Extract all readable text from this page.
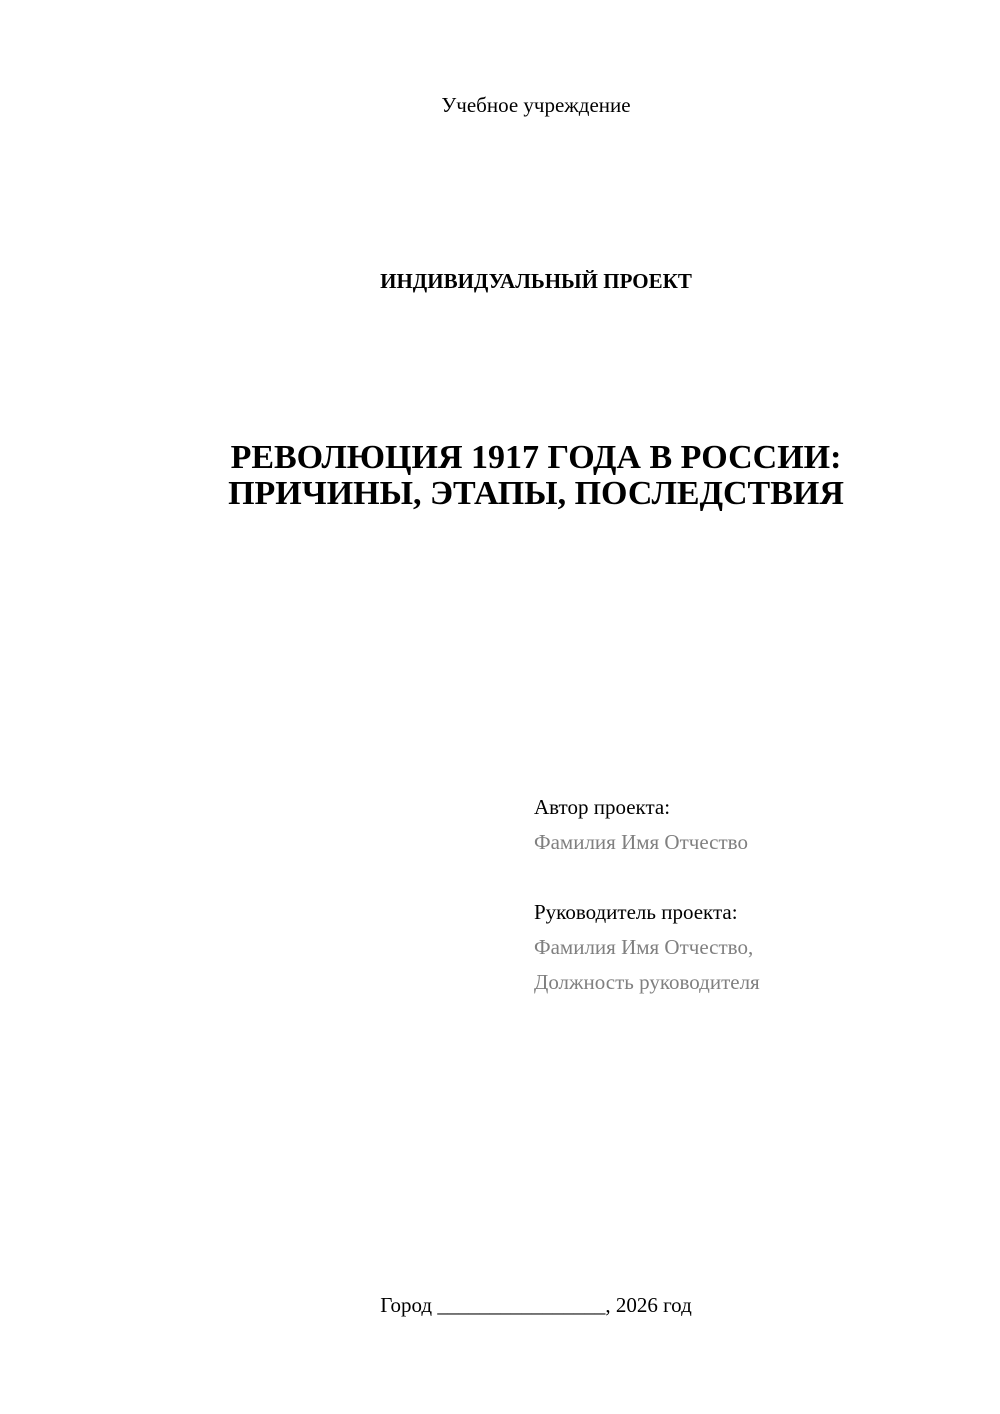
Учебное учреждение
ИНДИВИДУАЛЬНЫЙ ПРОЕКТ
РЕВОЛЮЦИЯ 1917 ГОДА В РОССИИ:
ПРИЧИНЫ, ЭТАПЫ, ПОСЛЕДСТВИЯ
Автор проекта:
Фамилия Имя Отчество
Руководитель проекта:
Фамилия Имя Отчество,
Должность руководителя
Город ________________, 2026 год
